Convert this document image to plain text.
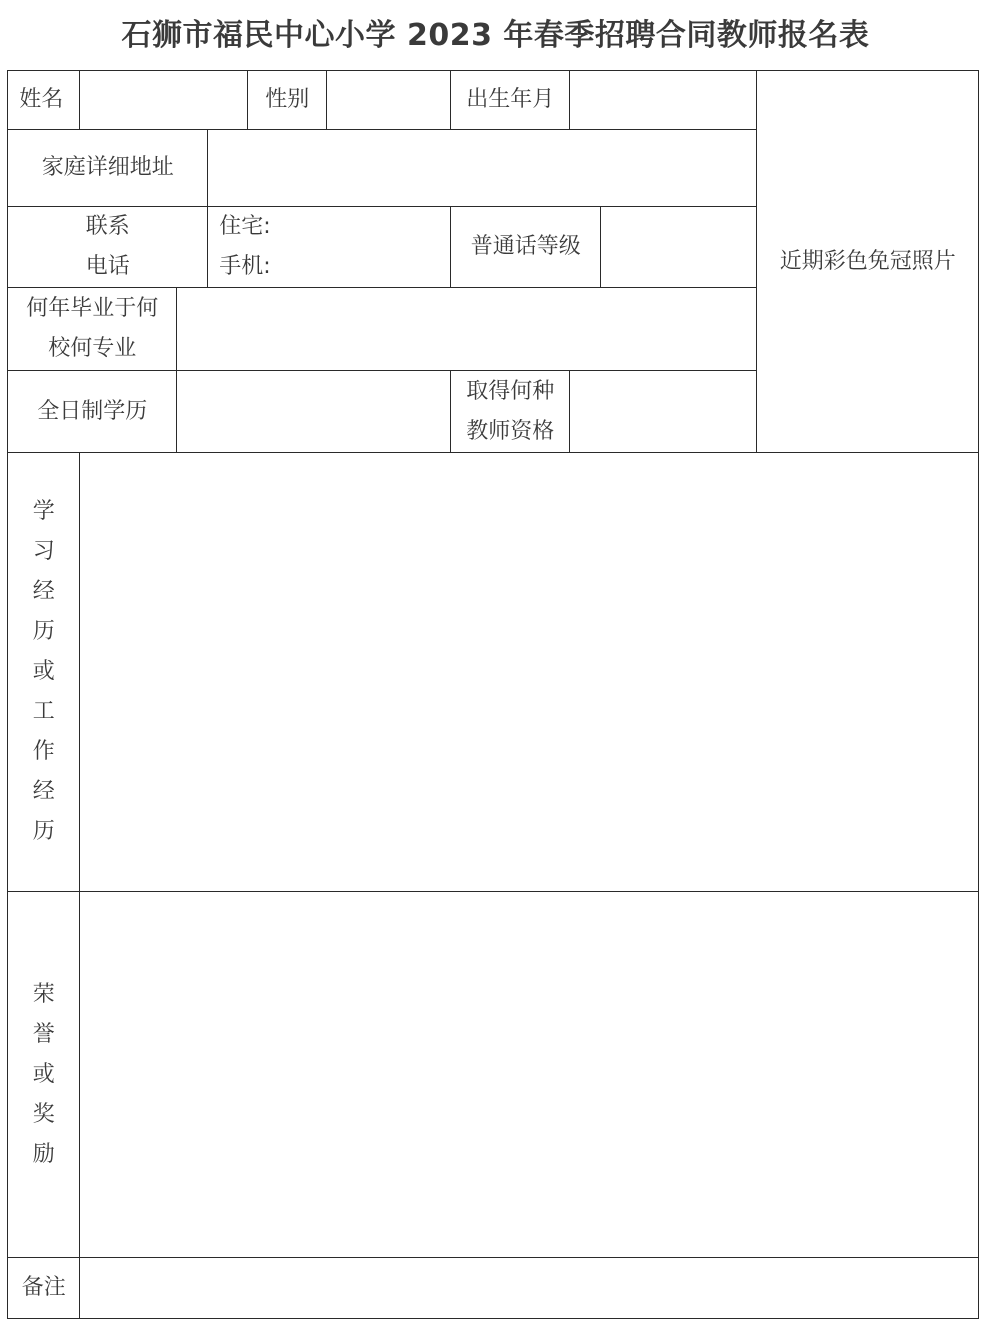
石狮市福民中心小学 2023 年春季招聘合同教师报名表
姓名	性别	出生年月
近期彩色免冠照片
家庭详细地址
联系
电话
住宅:
手机:
普通话等级
何年毕业于何
校何专业
全日制学历
取得何种
教师资格
学
习
经
历
或
工
作
经
历
荣
誉
或
奖
励
备注
